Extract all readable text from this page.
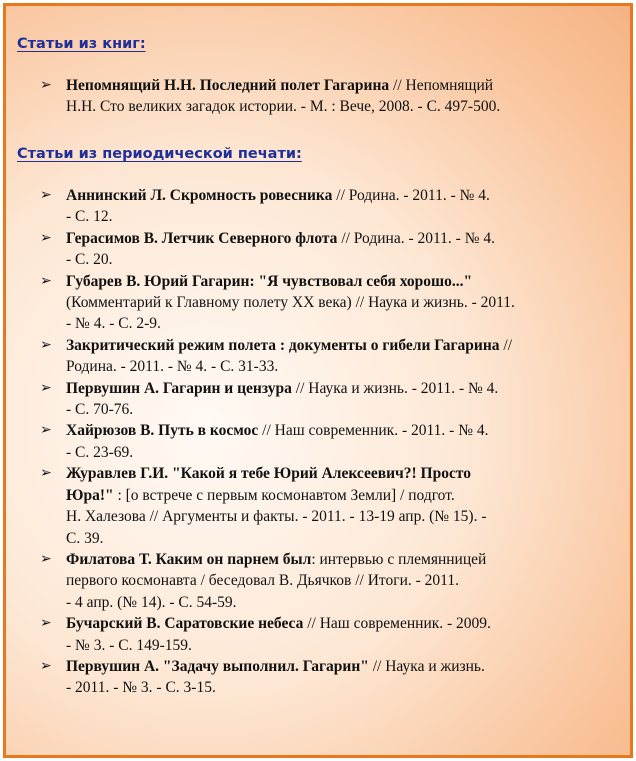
Статьи из книг:
➢ Непомнящий Н.Н. Последний полет Гагарина // Непомнящий
Н.Н. Сто великих загадок истории. - М. : Вече, 2008. - С. 497-500.
Статьи из периодической печати:
➢ Аннинский Л. Скромность ровесника // Родина. - 2011. - № 4.
- С. 12.
➢ Герасимов В. Летчик Северного флота // Родина. - 2011. - № 4.
- С. 20.
➢ Губарев В. Юрий Гагарин: "Я чувствовал себя хорошо..."
(Комментарий к Главному полету XX века) // Наука и жизнь. - 2011.
- № 4. - С. 2-9.
➢ Закритический режим полета : документы о гибели Гагарина //
Родина. - 2011. - № 4. - С. 31-33.
➢ Первушин А. Гагарин и цензура // Наука и жизнь. - 2011. - № 4.
- С. 70-76.
➢ Хайрюзов В. Путь в космос // Наш современник. - 2011. - № 4.
- С. 23-69.
➢ Журавлев Г.И. "Какой я тебе Юрий Алексеевич?! Просто
Юра!" : [о встрече с первым космонавтом Земли] / подгот.
Н. Халезова // Аргументы и факты. - 2011. - 13-19 апр. (№ 15). -
С. 39.
➢ Филатова Т. Каким он парнем был: интервью с племянницей
первого космонавта / беседовал В. Дьячков // Итоги. - 2011.
- 4 апр. (№ 14). - С. 54-59.
➢ Бучарский В. Саратовские небеса // Наш современник. - 2009.
- № 3. - С. 149-159.
➢ Первушин А. "Задачу выполнил. Гагарин" // Наука и жизнь.
- 2011. - № 3. - С. 3-15.
